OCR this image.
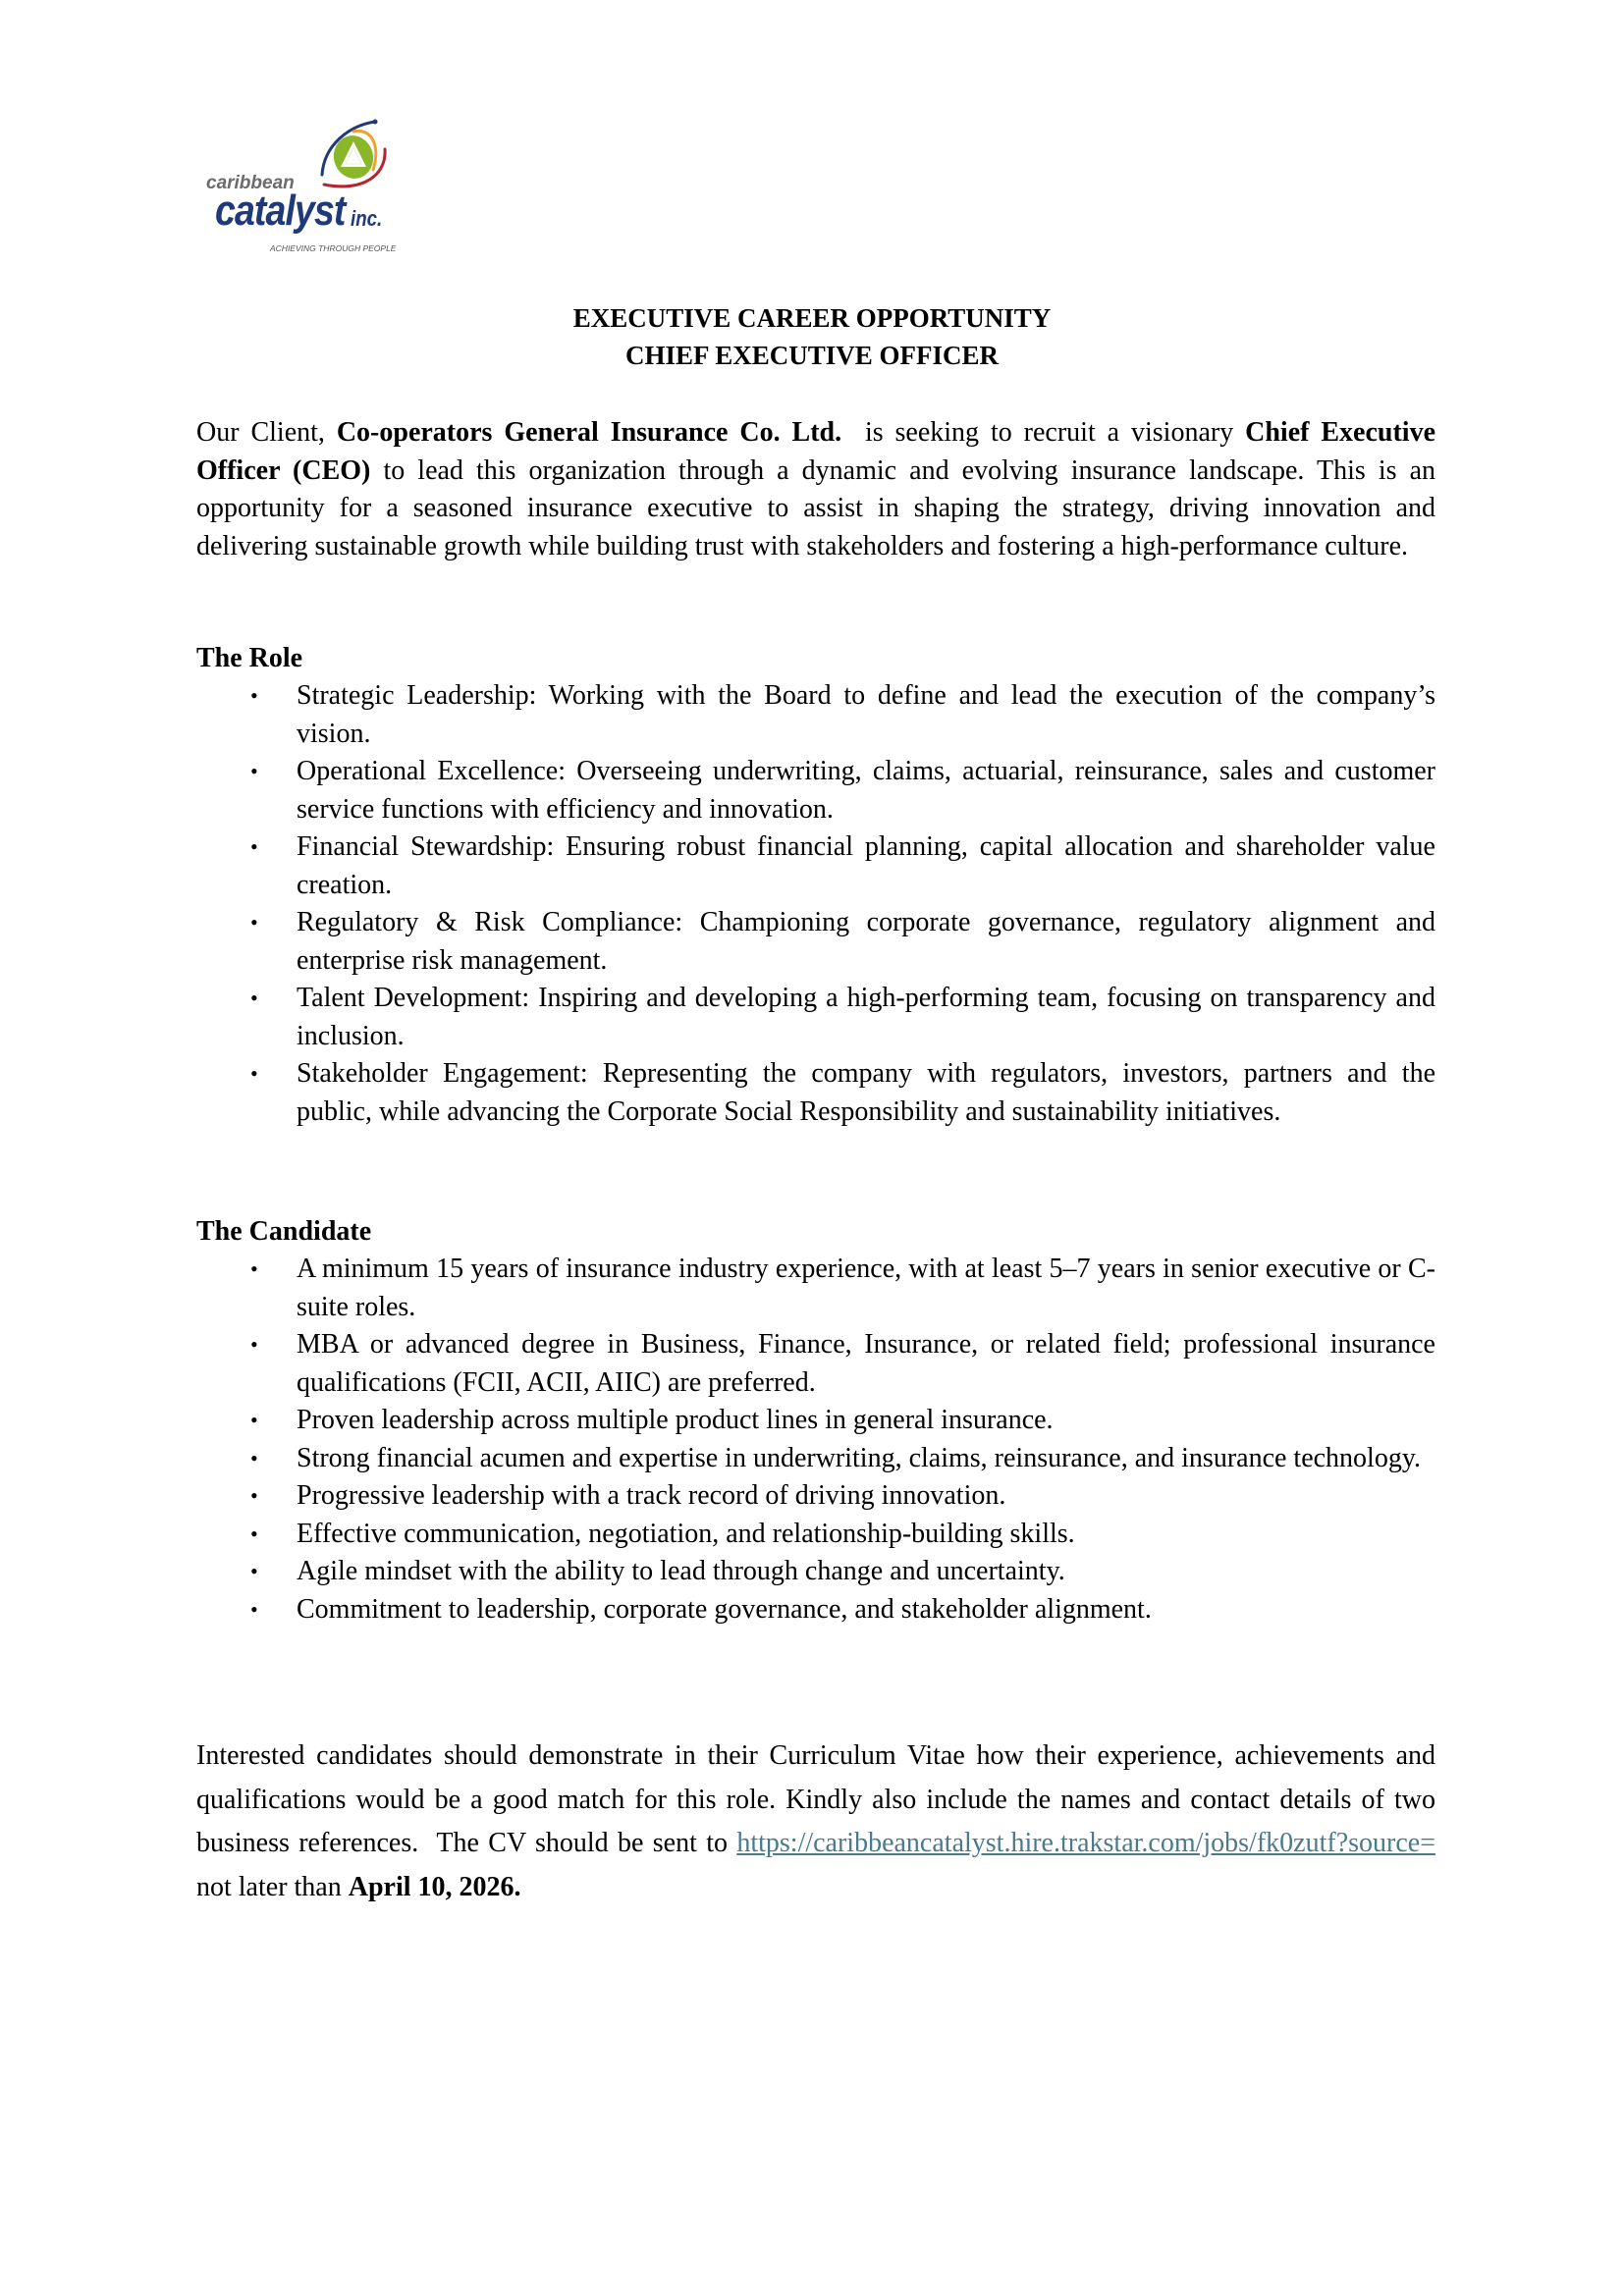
caribbean
catalyst inc.
ACHIEVING THROUGH PEOPLE
EXECUTIVE CAREER OPPORTUNITY
CHIEF EXECUTIVE OFFICER
Our Client, Co-operators General Insurance Co. Ltd.  is seeking to recruit a visionary Chief Executive Officer (CEO) to lead this organization through a dynamic and evolving insurance landscape. This is an opportunity for a seasoned insurance executive to assist in shaping the strategy, driving innovation and delivering sustainable growth while building trust with stakeholders and fostering a high-performance culture.
The Role
• Strategic Leadership: Working with the Board to define and lead the execution of the company’s vision.
• Operational Excellence: Overseeing underwriting, claims, actuarial, reinsurance, sales and customer service functions with efficiency and innovation.
• Financial Stewardship: Ensuring robust financial planning, capital allocation and shareholder value creation.
• Regulatory & Risk Compliance: Championing corporate governance, regulatory alignment and enterprise risk management.
• Talent Development: Inspiring and developing a high-performing team, focusing on transparency and inclusion.
• Stakeholder Engagement: Representing the company with regulators, investors, partners and the public, while advancing the Corporate Social Responsibility and sustainability initiatives.
The Candidate
• A minimum 15 years of insurance industry experience, with at least 5–7 years in senior executive or C-suite roles.
• MBA or advanced degree in Business, Finance, Insurance, or related field; professional insurance qualifications (FCII, ACII, AIIC) are preferred.
• Proven leadership across multiple product lines in general insurance.
• Strong financial acumen and expertise in underwriting, claims, reinsurance, and insurance technology.
• Progressive leadership with a track record of driving innovation.
• Effective communication, negotiation, and relationship-building skills.
• Agile mindset with the ability to lead through change and uncertainty.
• Commitment to leadership, corporate governance, and stakeholder alignment.
Interested candidates should demonstrate in their Curriculum Vitae how their experience, achievements and qualifications would be a good match for this role. Kindly also include the names and contact details of two business references.  The CV should be sent to https://caribbeancatalyst.hire.trakstar.com/jobs/fk0zutf?source= not later than April 10, 2026.
